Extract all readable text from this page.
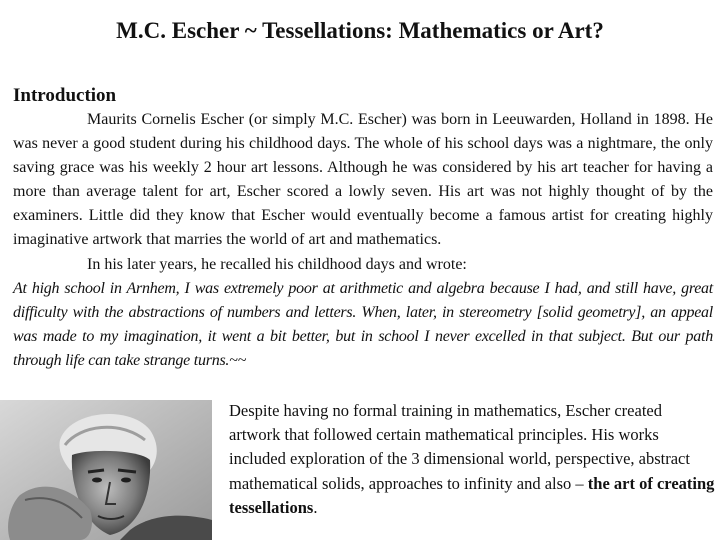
M.C. Escher ~ Tessellations: Mathematics or Art?
Introduction

Maurits Cornelis Escher (or simply M.C. Escher) was born in Leeuwarden, Holland in 1898. He was never a good student during his childhood days. The whole of his school days was a nightmare, the only saving grace was his weekly 2 hour art lessons. Although he was considered by his art teacher for having a more than average talent for art, Escher scored a lowly seven. His art was not highly thought of by the examiners. Little did they know that Escher would eventually become a famous artist for creating highly imaginative artwork that marries the world of art and mathematics.

In his later years, he recalled his childhood days and wrote:

At high school in Arnhem, I was extremely poor at arithmetic and algebra because I had, and still have, great difficulty with the abstractions of numbers and letters. When, later, in stereometry [solid geometry], an appeal was made to my imagination, it went a bit better, but in school I never excelled in that subject. But our path through life can take strange turns.~~

Despite having no formal training in mathematics, Escher created artwork that followed certain mathematical principles. His works included exploration of the 3 dimensional world, perspective, abstract mathematical solids, approaches to infinity and also – the art of creating tessellations.
